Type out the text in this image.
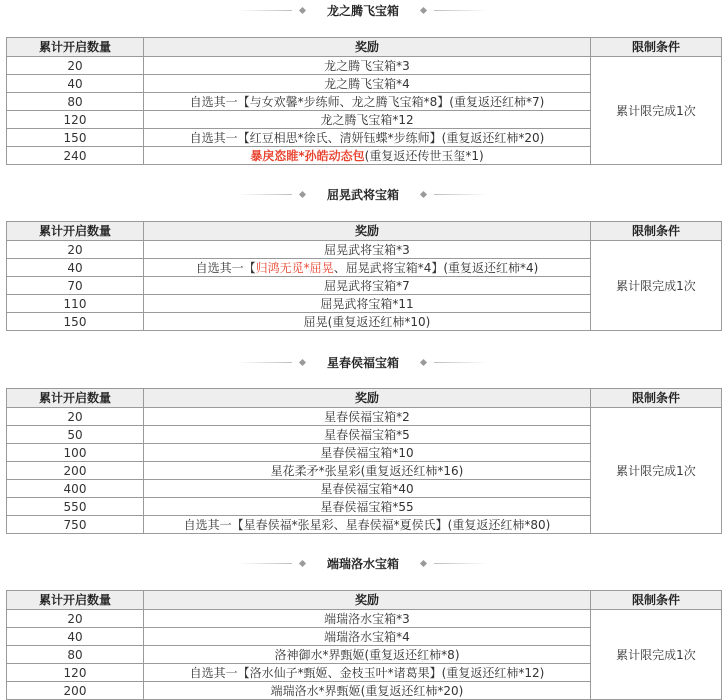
龙之腾飞宝箱
累计开启数量	奖励	限制条件
20	龙之腾飞宝箱*3	累计限完成1次
40	龙之腾飞宝箱*4	
80	自选其一【与女欢馨*步练师、龙之腾飞宝箱*8】(重复返还红柿*7)	
120	龙之腾飞宝箱*12	
150	自选其一【红豆相思*徐氏、清妍钰蝶*步练师】(重复返还红柿*20)	
240	暴戾恣睢*孙皓动态包(重复返还传世玉玺*1)	
屈晃武将宝箱
累计开启数量	奖励	限制条件
20	屈晃武将宝箱*3	累计限完成1次
40	自选其一【归鸿无觅*屈晃、屈晃武将宝箱*4】(重复返还红柿*4)	
70	屈晃武将宝箱*7	
110	屈晃武将宝箱*11	
150	屈晃(重复返还红柿*10)	
星春侯福宝箱
累计开启数量	奖励	限制条件
20	星春侯福宝箱*2	累计限完成1次
50	星春侯福宝箱*5	
100	星春侯福宝箱*10	
200	星花柔矛*张星彩(重复返还红柿*16)	
400	星春侯福宝箱*40	
550	星春侯福宝箱*55	
750	自选其一【星春侯福*张星彩、星春侯福*夏侯氏】(重复返还红柿*80)	
端瑞洛水宝箱
累计开启数量	奖励	限制条件
20	端瑞洛水宝箱*3	累计限完成1次
40	端瑞洛水宝箱*4	
80	洛神御水*界甄姬(重复返还红柿*8)	
120	自选其一【洛水仙子*甄姬、金枝玉叶*诸葛果】(重复返还红柿*12)	
200	端瑞洛水*界甄姬(重复返还红柿*20)	
